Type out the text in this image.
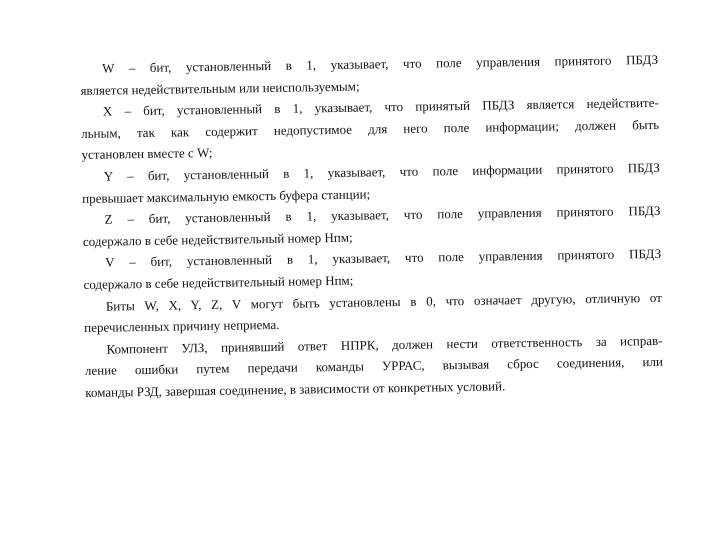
W – бит, установленный в 1, указывает, что поле управления принятого ПБДЗ
является недействительным или неиспользуемым;
X – бит, установленный в 1, указывает, что принятый ПБДЗ является недействите-
льным, так как содержит недопустимое для него поле информации; должен быть
установлен вместе с W;
Y – бит, установленный в 1, указывает, что поле информации принятого ПБДЗ
превышает максимальную емкость буфера станции;
Z – бит, установленный в 1, указывает, что поле управления принятого ПБДЗ
содержало в себе недействительный номер Нпм;
V – бит, установленный в 1, указывает, что поле управления принятого ПБДЗ
содержало в себе недействительный номер Нпм;
Биты W, X, Y, Z, V могут быть установлены в 0, что означает другую, отличную от
перечисленных причину неприема.
Компонент УЛЗ, принявший ответ НПРК, должен нести ответственность за исправ-
ление ошибки путем передачи команды УРРАС, вызывая сброс соединения, или
команды РЗД, завершая соединение, в зависимости от конкретных условий.
